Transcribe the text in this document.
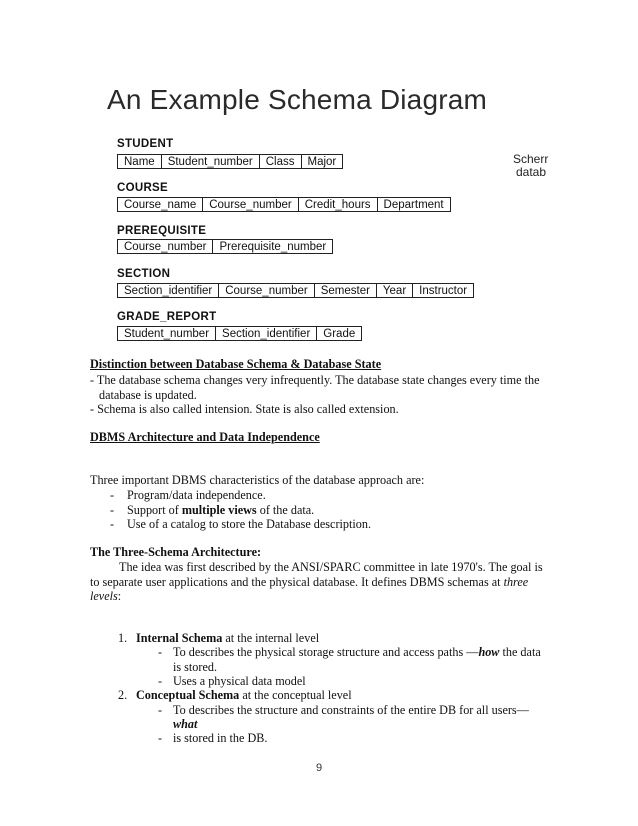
An Example Schema Diagram
STUDENT
Name	Student_number	Class	Major
COURSE
Course_name	Course_number	Credit_hours	Department
PREREQUISITE
Course_number	Prerequisite_number
SECTION
Section_identifier	Course_number	Semester	Year	Instructor
GRADE_REPORT
Student_number	Section_identifier	Grade
Scherr
datab
Distinction between Database Schema & Database State
- The database schema changes very infrequently. The database state changes every time the
database is updated.
- Schema is also called intension. State is also called extension.
DBMS Architecture and Data Independence
Three important DBMS characteristics of the database approach are:
- Program/data independence.
- Support of multiple views of the data.
- Use of a catalog to store the Database description.
The Three-Schema Architecture:
The idea was first described by the ANSI/SPARC committee in late 1970's. The goal is
to separate user applications and the physical database. It defines DBMS schemas at three
levels:
1. Internal Schema at the internal level
- To describes the physical storage structure and access paths —how the data
is stored.
- Uses a physical data model
2. Conceptual Schema at the conceptual level
- To describes the structure and constraints of the entire DB for all users—
what
- is stored in the DB.
9
